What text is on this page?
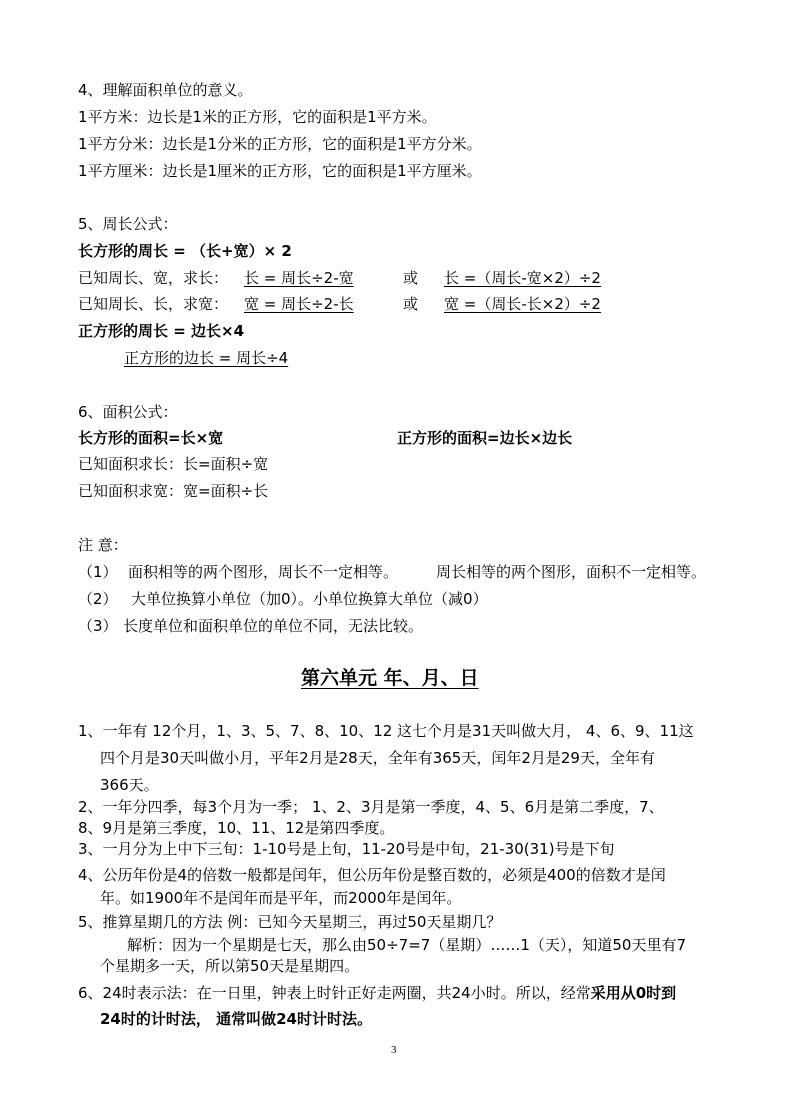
4、理解面积单位的意义。
1平方米：边长是1米的正方形，它的面积是1平方米。
1平方分米：边长是1分米的正方形，它的面积是1平方分米。
1平方厘米：边长是1厘米的正方形，它的面积是1平方厘米。
5、周长公式：
长方形的周长 = （长+宽）× 2
已知周长、宽，求长： 长 = 周长÷2-宽	或 长 =（周长-宽×2）÷2
已知周长、长，求宽： 宽 = 周长÷2-长	或 宽 =（周长-长×2）÷2
正方形的周长 = 边长×4
正方形的边长 = 周长÷4
6、面积公式：
长方形的面积=长×宽	正方形的面积=边长×边长
已知面积求长：长=面积÷宽
已知面积求宽：宽=面积÷长
注 意：
（1） 面积相等的两个图形，周长不一定相等。	周长相等的两个图形，面积不一定相等。
（2） 大单位换算小单位（加0）。小单位换算大单位（减0）
（3） 长度单位和面积单位的单位不同，无法比较。
第六单元 年、月、日
1、一年有 12个月，1、3、5、7、8、10、12 这七个月是31天叫做大月， 4、6、9、11这
四个月是30天叫做小月，平年2月是28天，全年有365天，闰年2月是29天，全年有
366天。
2、一年分四季，每3个月为一季； 1、2、3月是第一季度，4、5、6月是第二季度，7、
8、9月是第三季度，10、11、12是第四季度。
3、一月分为上中下三旬：1-10号是上旬，11-20号是中旬，21-30(31)号是下旬
4、公历年份是4的倍数一般都是闰年，但公历年份是整百数的，必须是400的倍数才是闰
年。如1900年不是闰年而是平年，而2000年是闰年。
5、推算星期几的方法 例：已知今天星期三，再过50天星期几？
解析：因为一个星期是七天，那么由50÷7=7（星期）……1（天），知道50天里有7
个星期多一天，所以第50天是星期四。
6、24时表示法：在一日里，钟表上时针正好走两圈，共24小时。所以，经常采用从0时到
24时的计时法， 通常叫做24时计时法。
3
